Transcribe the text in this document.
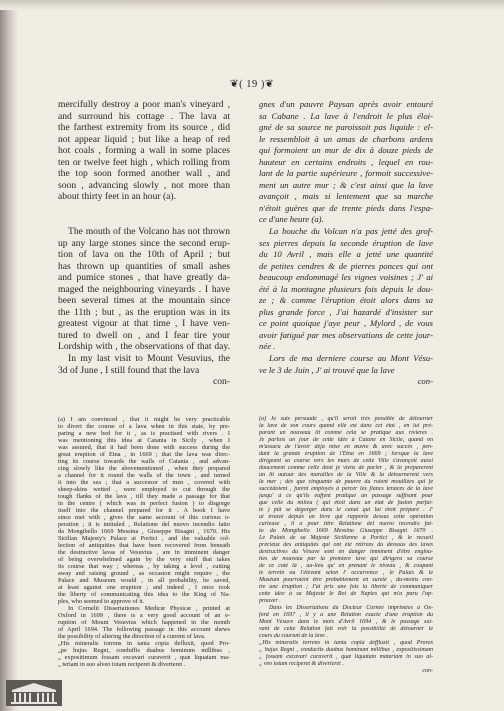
❦( 19 )❦
mercifully destroy a poor man's vineyard ,
and surround his cottage . The lava at
the farthest extremity from its source , did
not appear liquid ; but like a heap of red
hot coals , forming a wall in some places
ten or twelve feet high , which rolling from
the top soon formed another wall , and
soon , advancing slowly , not more than
about thirty feet in an hour (a).

The mouth of the Volcano has not thrown
up any large stones since the second erup-
tion of lava on the 10th of April ; but
has thrown up quantities of small ashes
and pumice stones , that have greatly da-
maged the neighbouring vineyards . I have
been several times at the mountain since
the 11th ; but , as the eruption was in its
greatest vigour at that time , I have ven-
tured to dwell on , and I fear tire your
Lordship with , the observations of that day.
In my last visit to Mount Vesuvius, the
3d of June , I still found that the lava
con-
gnes d'un pauvre Paysan après avoir entouré
sa Cabane . La lave à l'endroit le plus éloi-
gné de sa source ne paroissoit pas liquide : el-
le ressembloit à un amas de charbons ardens
qui formoient un mur de dix à douze pieds de
hauteur en certains endroits , lequel en rou-
lant de la partie supérieure , formoit successive-
ment un autre mur ; & c'est ainsi que la lave
avançoit , mais si lentement que sa marche
n'étoit guères que de trente pieds dans l'espa-
ce d'une heure (a).
La bouche du Volcan n'a pas jetté des grof-
ses pierres depuis la seconde éruption de lave
du 10 Avril , mais elle a jetté une quantité
de petites cendres & de pierres ponces qui ont
beaucoup endommagé les vignes voisines ; J' ai
été à la montagne plusieurs fois depuis le dou-
ze ; & comme l'éruption étoit alors dans sa
plus grande force , J'ai hazardé d'insister sur
ce point quoique j'aye peur , Mylord , de vous
avoir fatigué par mes observations de cette jour-
née .
Lors de ma derniere course au Mont Vésu-
ve le 3 de Juin , J' ai trouvé que la lave
con-
(a) I am convinced , that it might be very practicable
to divert the course of a lava when in this state, by pre-
paring a new bed for it , as is practised with rivers . I
was mentioning this idea at Catania in Sicily , when I
was assured, that it had been done with success during the
great eruption of Etna , in 1669 ; that the lava was direc-
ting its course towards the walls of Catania , and advan-
cing slowly like the abovementioned , when they prepared
a channel for it round the walls of the town , and turned
it into the sea ; that a successor of men , covered with
sheep-skins wetted , were employed to cut through the
tough flanks of the lava , till they made a passage for that
in the centre ( which was in perfect fusion ) to disgorge
itself into the channel prepared for it . A book I have
since met with , gives the same account of this curious o-
peration ; it is intituled , Relatione del nuovo incendio fatto
da Mongibello 1669 Messina , Giuseppe Bisagni , 1670. His
Sicilian Majesty's Palace at Portici , and the valuable col-
lection of antiquities that have been recovered from beneath
the destructive lavas of Vesuvius , are in imminent danger
of being overwhelmed again by the very stuff that takes
its course that way ; whereas , by taking a level , cutting
away and raising ground , as occasion might require , the
Palace and Museum would , in all probability, be saved,
at least against one eruption ; and indeed , I once took
the liberty of communicating this idea to the King of Na-
ples, who seemed to approve of it.
In Cornelii Dissertationes Medicæ Physicæ , printed at
Oxford in 1699 , there is a very good account of an e-
ruption of Mount Vesuvius which happened in the month
of April 1694. The following passage in this account shews
the possibility of altering the direction of a current of lava.
„His mineralis torrens in tanta copia defluxit, quod Pro-
„pe hujus Regni, conduffis duabus hominum millibus ,
„ expositimum fossam excavari curaverit , quæ liquatam ma-
„ teriam in suo alveo totam reciperet & diverteret .
(a) Je suis persuadé , qu'il seroit très possible de détourner
la lave de son cours quand elle est dans cet état , en lui pré-
parant un nouveau lit comme cela se pratique aux rivieres .
Je parlois un jour de cette idée à Catane en Sicile, quand on
m'assura de l'avoir déja mise en œuvre & avec succès , pen-
dant la grande éruption de l'Etna en 1669 ; lorsque la lave
dirigeant sa course vers les murs de cette Ville s'avançoit aussi
doucement comme celle dont je viens de parler , & la préparerent
un lit autour des murailles de la Ville & la détournerent vers
la mer ; dès que cinquante de pauvre du roient mouillées qui fe
succédoient , furent employés à percer les flancs tenaces de la lave
jusqu' à ce qu'ils euffent pratiqué un passage suffisant pour
que celle du milieu ( qui étoit dans un état de fusion parfai-
te ) pût se dégorger dans le canal qui lui étoit préparé . J'
ai trouvé depuis un livre qui rapporte dessus cette opération
curieuse , il a pour titre Relatione del nuovo incendio fat-
to da Mongibello 1669 Messina Giuseppe Bisagni 1670 .
Le Palais de sa Majesté Sicilienne à Portici , & le recueil
précieux des antiquités qui ont été retirées du dessous des laves
destructives du Vésuve sont en danger imminent d'être englou-
ties de nouveau par la premiere lave qui dirigera sa course
de ce coté là , au-lieu qu' en prenant le niveau , & coupant
le terrein ou l'élevant selon l' occurrence , le Palais & le
Muséum pourroient être probablement en sureté , du-moins con-
tre une éruption ; J'ai pris une fois la liberté de communiquer
cette idée à sa Majesté le Roi de Naples qui m'a paru l'ap-
prouver .
Dans les Dissertations du Docteur Cornée imprimées à Ox-
ford en 1697 , il y a une Relation exacte d'une éruption du
Mont Vésuve dans le mois d'Avril 1694 , & le passage sui-
vant de cette Relation fait voir la possibilité de détourner le
cours du courant de la lave .
„His mineralis torrens in tanta copia deffluxit , quod Prorex
„ hujus Regni , conductis duobus hominum millibus , expositissimam
„ fossam excavari curaverit , quæ liquatam materiam in suo al-
„ veo totam reciperet & diverteret .
con-
